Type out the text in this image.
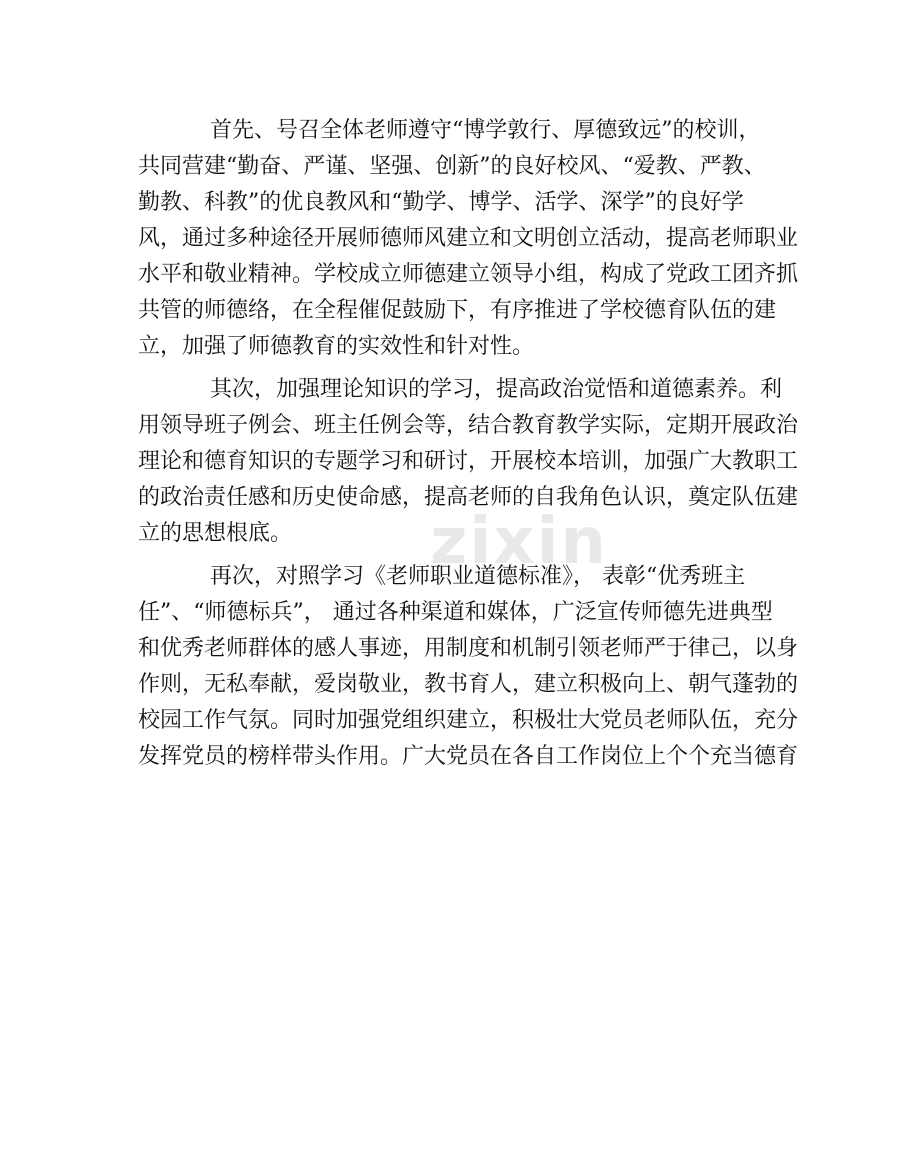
首先、号召全体老师遵守“博学敦行、厚德致远”的校训，
共同营建“勤奋、严谨、坚强、创新”的良好校风、“爱教、严教、
勤教、科教”的优良教风和“勤学、博学、活学、深学”的良好学
风，通过多种途径开展师德师风建立和文明创立活动，提高老师职业
水平和敬业精神。学校成立师德建立领导小组，构成了党政工团齐抓
共管的师德络，在全程催促鼓励下，有序推进了学校德育队伍的建
立，加强了师德教育的实效性和针对性。
其次，加强理论知识的学习，提高政治觉悟和道德素养。利
用领导班子例会、班主任例会等，结合教育教学实际，定期开展政治
理论和德育知识的专题学习和研讨，开展校本培训，加强广大教职工
的政治责任感和历史使命感，提高老师的自我角色认识，奠定队伍建
立的思想根底。
再次，对照学习《老师职业道德标准》， 表彰“优秀班主
任”、“师德标兵”， 通过各种渠道和媒体，广泛宣传师德先进典型
和优秀老师群体的感人事迹，用制度和机制引领老师严于律己，以身
作则，无私奉献，爱岗敬业，教书育人，建立积极向上、朝气蓬勃的
校园工作气氛。同时加强党组织建立，积极壮大党员老师队伍，充分
发挥党员的榜样带头作用。广大党员在各自工作岗位上个个充当德育
zixin
